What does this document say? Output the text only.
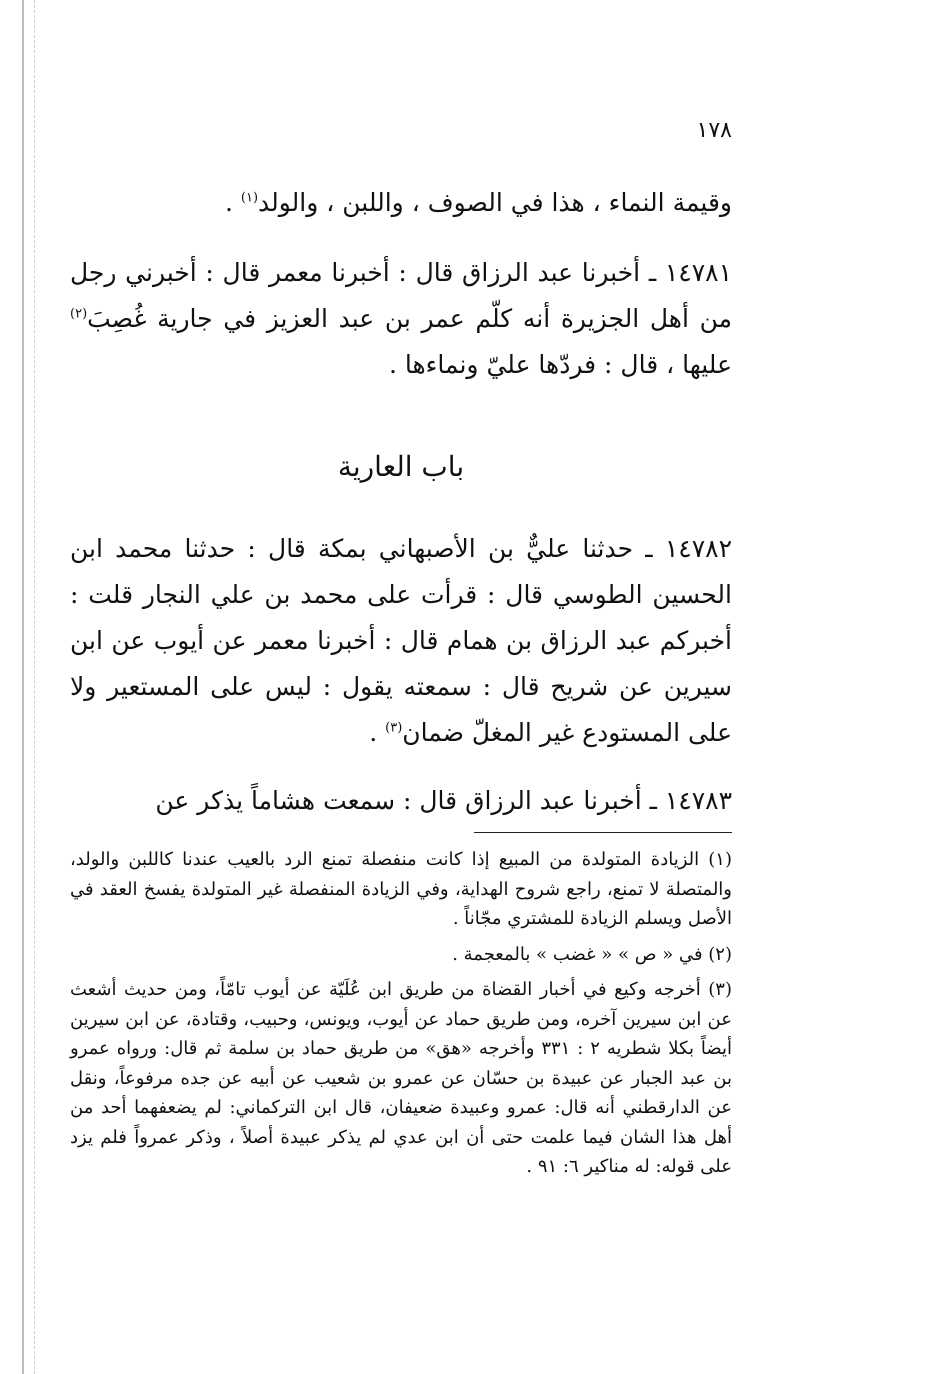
١٧٨

وقيمة النماء ، هذا في الصوف ، واللبن ، والولد$^{(١)}$ .

١٤٧٨١ ـ أخبرنا عبد الرزاق قال : أخبرنا معمر قال : أخبرني رجل من أهل الجزيرة أنه كلّم عمر بن عبد العزيز في جارية غُصِبَ$^{(٢)}$ عليها ، قال : فردّها عليّ ونماءها .

باب العارية

١٤٧٨٢ ـ حدثنا عليٌّ بن الأصبهاني بمكة قال : حدثنا محمد ابن الحسين الطوسي قال : قرأت على محمد بن علي النجار قلت : أخبركم عبد الرزاق بن همام قال : أخبرنا معمر عن أيوب عن ابن سيرين عن شريح قال : سمعته يقول : ليس على المستعير ولا على المستودع غير المغلّ ضمان$^{(٣)}$ .

١٤٧٨٣ ـ أخبرنا عبد الرزاق قال : سمعت هشاماً يذكر عن

(١) الزيادة المتولدة من المبيع إذا كانت منفصلة تمنع الرد بالعيب عندنا كاللبن والولد، والمتصلة لا تمنع، راجع شروح الهداية، وفي الزيادة المنفصلة غير المتولدة يفسخ العقد في الأصل ويسلم الزيادة للمشتري مجّاناً .

(٢) في « ص » « غضب » بالمعجمة .

(٣) أخرجه وكيع في أخبار القضاة من طريق ابن عُلَيّة عن أيوب تامّاً، ومن حديث أشعث عن ابن سيرين آخره، ومن طريق حماد عن أيوب، ويونس، وحبيب، وقتادة، عن ابن سيرين أيضاً بكلا شطريه ٢ : ٣٣١ وأخرجه «هق» من طريق حماد بن سلمة ثم قال: ورواه عمرو بن عبد الجبار عن عبيدة بن حسّان عن عمرو بن شعيب عن أبيه عن جده مرفوعاً، ونقل عن الدارقطني أنه قال: عمرو وعبيدة ضعيفان، قال ابن التركماني: لم يضعفهما أحد من أهل هذا الشان فيما علمت حتى أن ابن عدي لم يذكر عبيدة أصلاً ، وذكر عمرواً فلم يزد على قوله: له مناكير ٦: ٩١ .
